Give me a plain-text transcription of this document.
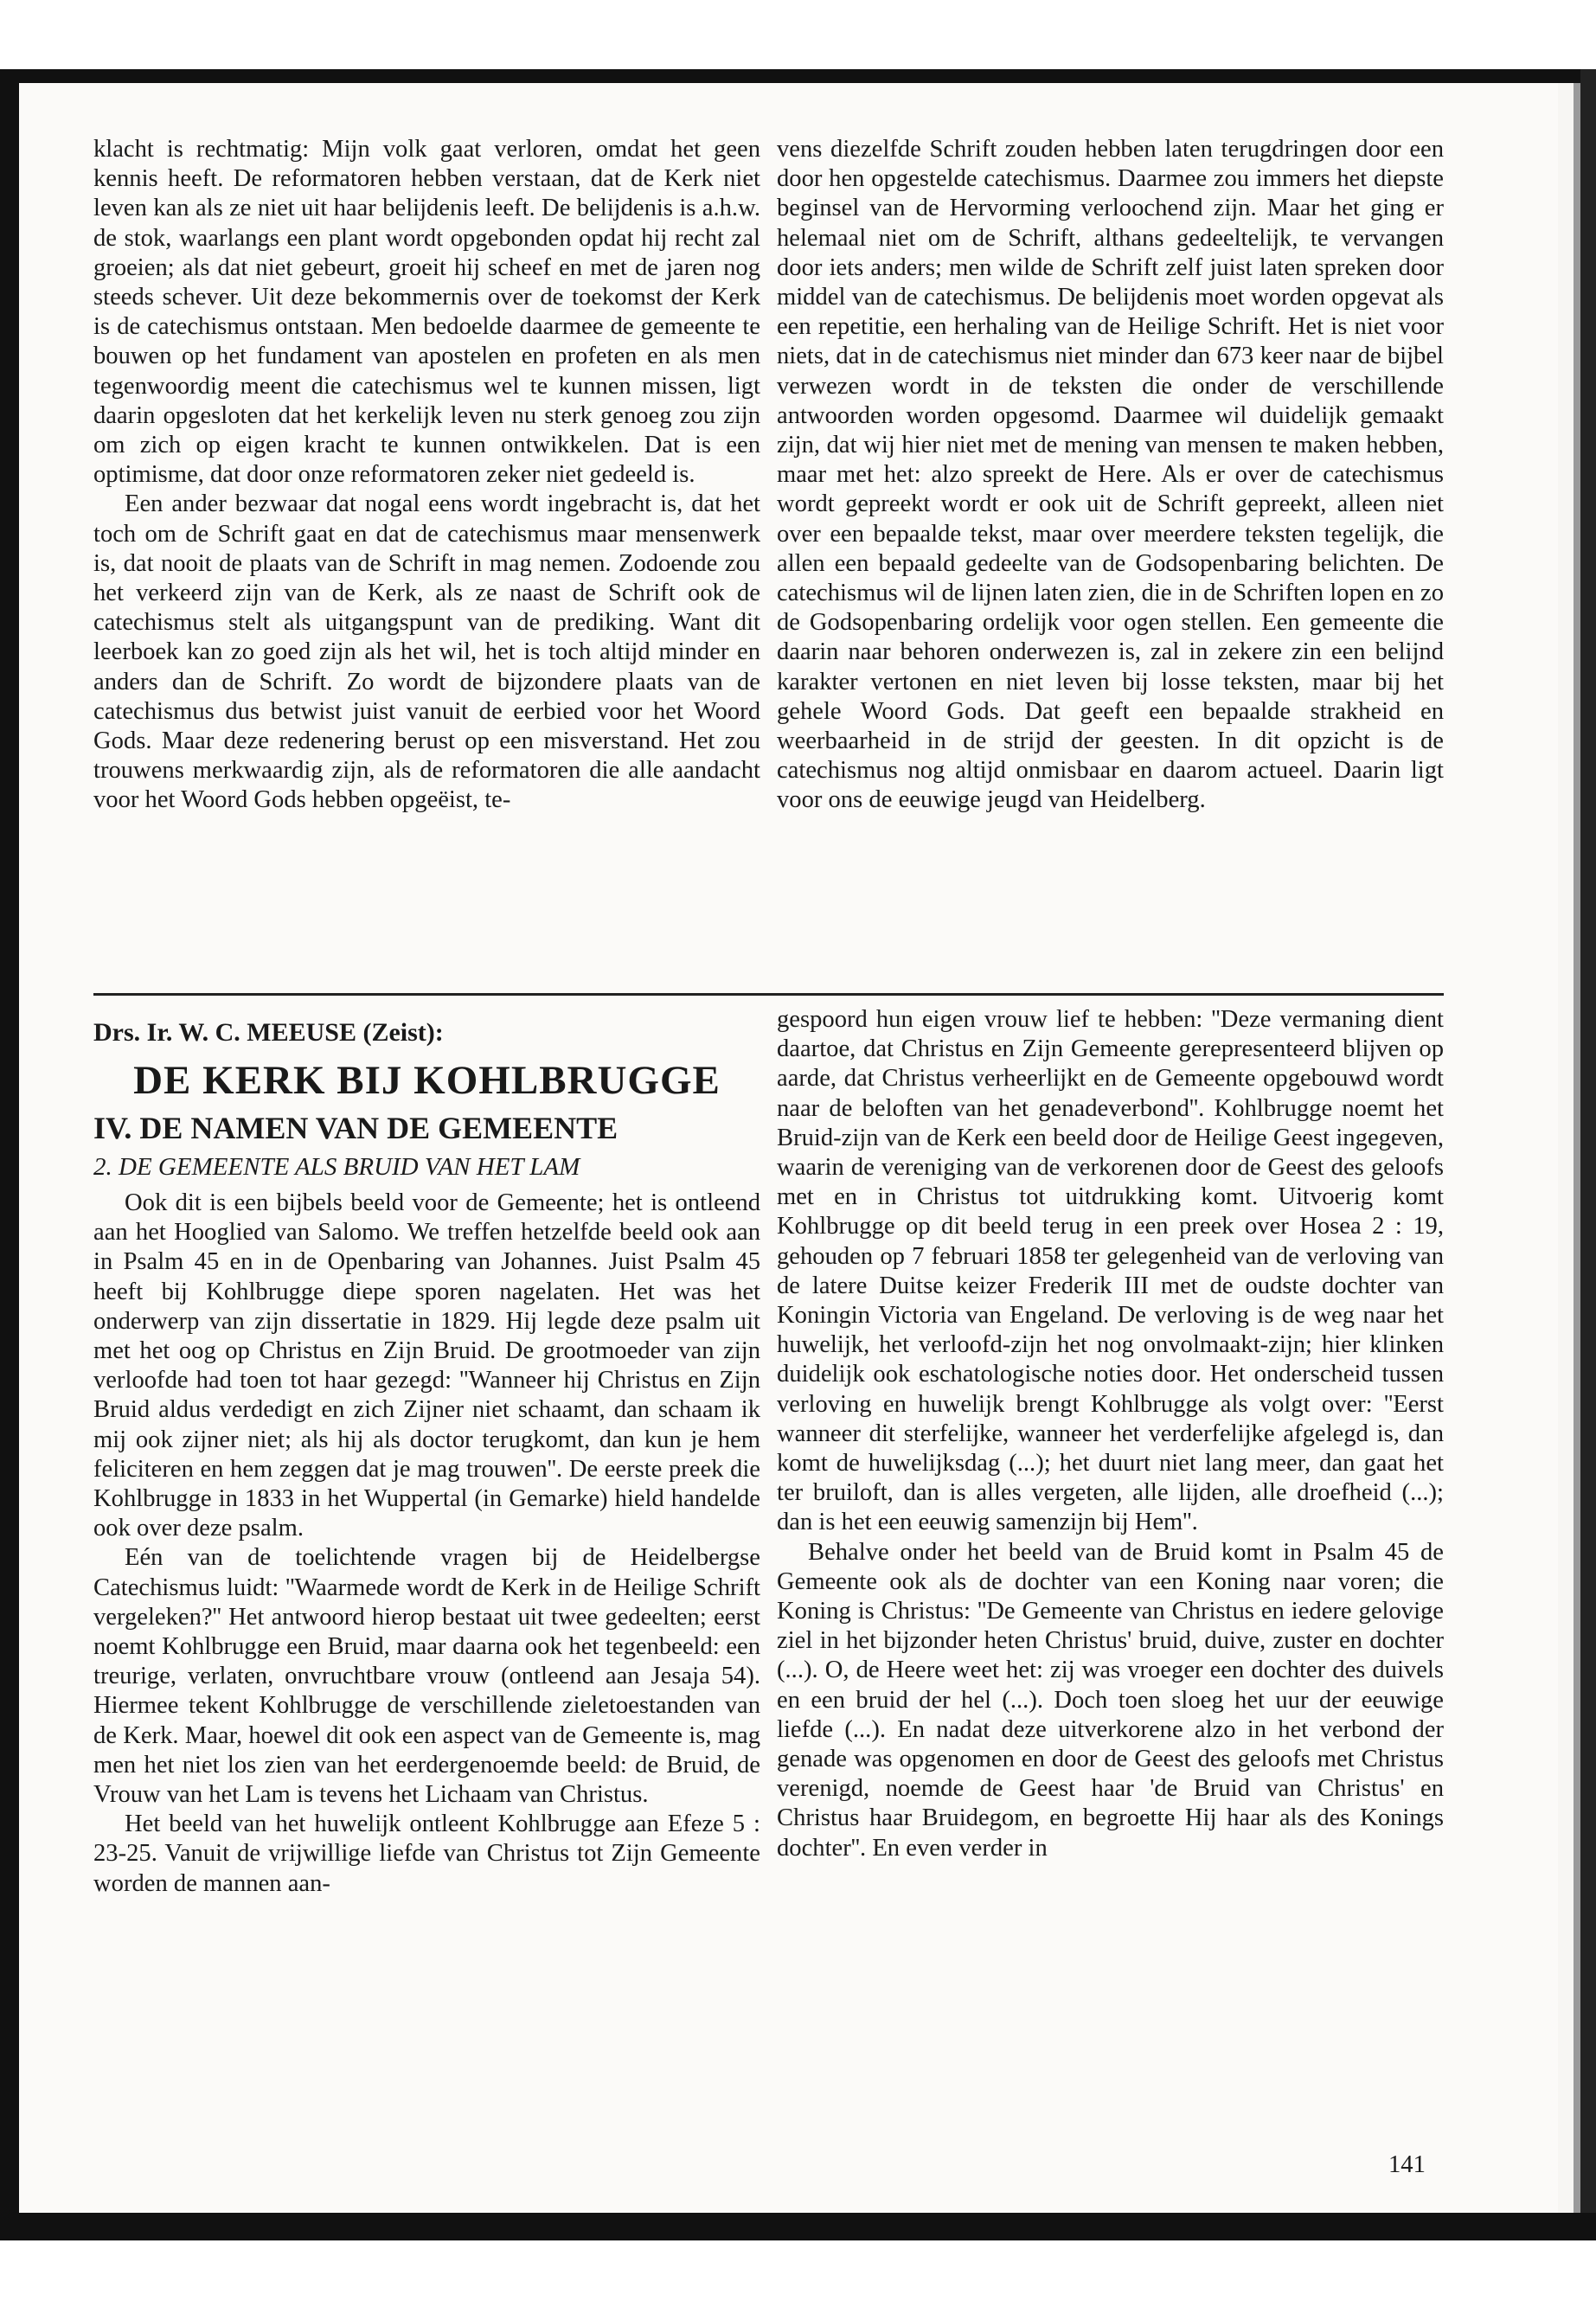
klacht is rechtmatig: Mijn volk gaat verloren, omdat het geen kennis heeft. De reformatoren hebben verstaan, dat de Kerk niet leven kan als ze niet uit haar belijdenis leeft. De belijdenis is a.h.w. de stok, waarlangs een plant wordt opgebonden opdat hij recht zal groeien; als dat niet gebeurt, groeit hij scheef en met de jaren nog steeds schever. Uit deze bekommernis over de toekomst der Kerk is de catechismus ontstaan. Men bedoelde daarmee de gemeente te bouwen op het fundament van apostelen en profeten en als men tegenwoordig meent die catechismus wel te kunnen missen, ligt daarin opgesloten dat het kerkelijk leven nu sterk genoeg zou zijn om zich op eigen kracht te kunnen ontwikkelen. Dat is een optimisme, dat door onze reformatoren zeker niet gedeeld is.

Een ander bezwaar dat nogal eens wordt ingebracht is, dat het toch om de Schrift gaat en dat de catechismus maar mensenwerk is, dat nooit de plaats van de Schrift in mag nemen. Zodoende zou het verkeerd zijn van de Kerk, als ze naast de Schrift ook de catechismus stelt als uitgangspunt van de prediking. Want dit leerboek kan zo goed zijn als het wil, het is toch altijd minder en anders dan de Schrift. Zo wordt de bijzondere plaats van de catechismus dus betwist juist vanuit de eerbied voor het Woord Gods. Maar deze redenering berust op een misverstand. Het zou trouwens merkwaardig zijn, als de reformatoren die alle aandacht voor het Woord Gods hebben opgeëist, te-

vens diezelfde Schrift zouden hebben laten terugdringen door een door hen opgestelde catechismus. Daarmee zou immers het diepste beginsel van de Hervorming verloochend zijn. Maar het ging er helemaal niet om de Schrift, althans gedeeltelijk, te vervangen door iets anders; men wilde de Schrift zelf juist laten spreken door middel van de catechismus. De belijdenis moet worden opgevat als een repetitie, een herhaling van de Heilige Schrift. Het is niet voor niets, dat in de catechismus niet minder dan 673 keer naar de bijbel verwezen wordt in de teksten die onder de verschillende antwoorden worden opgesomd. Daarmee wil duidelijk gemaakt zijn, dat wij hier niet met de mening van mensen te maken hebben, maar met het: alzo spreekt de Here. Als er over de catechismus wordt gepreekt wordt er ook uit de Schrift gepreekt, alleen niet over een bepaalde tekst, maar over meerdere teksten tegelijk, die allen een bepaald gedeelte van de Godsopenbaring belichten. De catechismus wil de lijnen laten zien, die in de Schriften lopen en zo de Godsopenbaring ordelijk voor ogen stellen. Een gemeente die daarin naar behoren onderwezen is, zal in zekere zin een belijnd karakter vertonen en niet leven bij losse teksten, maar bij het gehele Woord Gods. Dat geeft een bepaalde strakheid en weerbaarheid in de strijd der geesten. In dit opzicht is de catechismus nog altijd onmisbaar en daarom actueel. Daarin ligt voor ons de eeuwige jeugd van Heidelberg.

Drs. Ir. W. C. MEEUSE (Zeist):
DE KERK BIJ KOHLBRUGGE
IV. DE NAMEN VAN DE GEMEENTE
2. DE GEMEENTE ALS BRUID VAN HET LAM

Ook dit is een bijbels beeld voor de Gemeente; het is ontleend aan het Hooglied van Salomo. We treffen hetzelfde beeld ook aan in Psalm 45 en in de Openbaring van Johannes. Juist Psalm 45 heeft bij Kohlbrugge diepe sporen nagelaten. Het was het onderwerp van zijn dissertatie in 1829. Hij legde deze psalm uit met het oog op Christus en Zijn Bruid. De grootmoeder van zijn verloofde had toen tot haar gezegd: ''Wanneer hij Christus en Zijn Bruid aldus verdedigt en zich Zijner niet schaamt, dan schaam ik mij ook zijner niet; als hij als doctor terugkomt, dan kun je hem feliciteren en hem zeggen dat je mag trouwen''. De eerste preek die Kohlbrugge in 1833 in het Wuppertal (in Gemarke) hield handelde ook over deze psalm.

Eén van de toelichtende vragen bij de Heidelbergse Catechismus luidt: ''Waarmede wordt de Kerk in de Heilige Schrift vergeleken?'' Het antwoord hierop bestaat uit twee gedeelten; eerst noemt Kohlbrugge een Bruid, maar daarna ook het tegenbeeld: een treurige, verlaten, onvruchtbare vrouw (ontleend aan Jesaja 54). Hiermee tekent Kohlbrugge de verschillende zieletoestanden van de Kerk. Maar, hoewel dit ook een aspect van de Gemeente is, mag men het niet los zien van het eerdergenoemde beeld: de Bruid, de Vrouw van het Lam is tevens het Lichaam van Christus.

Het beeld van het huwelijk ontleent Kohlbrugge aan Efeze 5 : 23-25. Vanuit de vrijwillige liefde van Christus tot Zijn Gemeente worden de mannen aan-

gespoord hun eigen vrouw lief te hebben: ''Deze vermaning dient daartoe, dat Christus en Zijn Gemeente gerepresenteerd blijven op aarde, dat Christus verheerlijkt en de Gemeente opgebouwd wordt naar de beloften van het genadeverbond''. Kohlbrugge noemt het Bruid-zijn van de Kerk een beeld door de Heilige Geest ingegeven, waarin de vereniging van de verkorenen door de Geest des geloofs met en in Christus tot uitdrukking komt. Uitvoerig komt Kohlbrugge op dit beeld terug in een preek over Hosea 2 : 19, gehouden op 7 februari 1858 ter gelegenheid van de verloving van de latere Duitse keizer Frederik III met de oudste dochter van Koningin Victoria van Engeland. De verloving is de weg naar het huwelijk, het verloofd-zijn het nog onvolmaakt-zijn; hier klinken duidelijk ook eschatologische noties door. Het onderscheid tussen verloving en huwelijk brengt Kohlbrugge als volgt over: ''Eerst wanneer dit sterfelijke, wanneer het verderfelijke afgelegd is, dan komt de huwelijksdag (...); het duurt niet lang meer, dan gaat het ter bruiloft, dan is alles vergeten, alle lijden, alle droefheid (...); dan is het een eeuwig samenzijn bij Hem''.

Behalve onder het beeld van de Bruid komt in Psalm 45 de Gemeente ook als de dochter van een Koning naar voren; die Koning is Christus: ''De Gemeente van Christus en iedere gelovige ziel in het bijzonder heten Christus' bruid, duive, zuster en dochter (...). O, de Heere weet het: zij was vroeger een dochter des duivels en een bruid der hel (...). Doch toen sloeg het uur der eeuwige liefde (...). En nadat deze uitverkorene alzo in het verbond der genade was opgenomen en door de Geest des geloofs met Christus verenigd, noemde de Geest haar 'de Bruid van Christus' en Christus haar Bruidegom, en begroette Hij haar als des Konings dochter''. En even verder in

141
